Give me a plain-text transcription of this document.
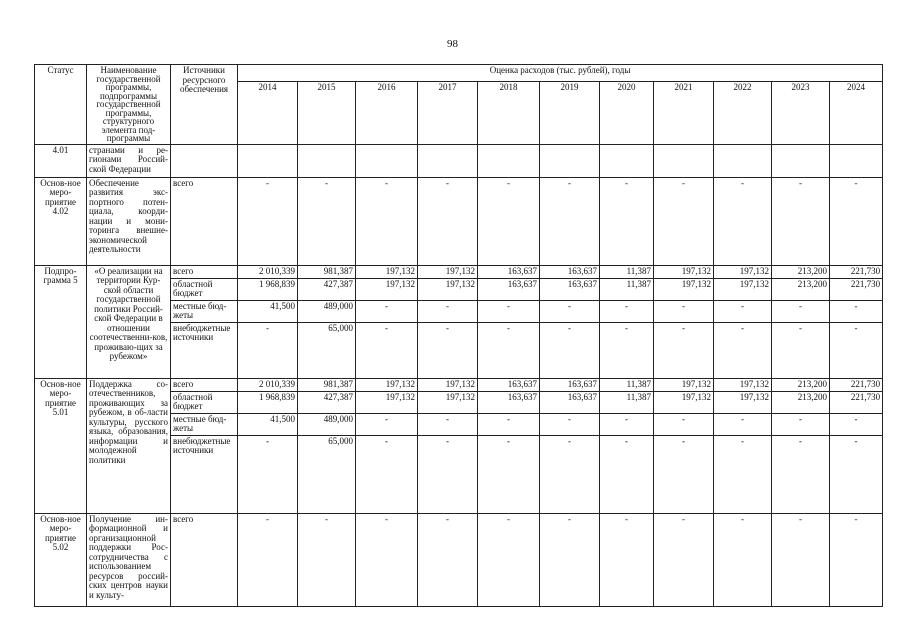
98
Статус	Наименование государственной программы, подпрограммы государственной программы, структурного элемента под-программы	Источники ресурсного обеспечения	Оценка расходов (тыс. рублей), годы										
			2014	2015	2016	2017	2018	2019	2020	2021	2022	2023	2024
4.01	странами и ре-гионами Россий-ской Федерации												
Основ-ное меро-приятие 4.02	Обеспечение развития экс-портного потен-циала, коорди-нации и мони-торинга внешне-экономической деятельности	всего	-	-	-	-	-	-	-	-	-	-	-
Подпро-грамма 5	«О реализации на территории Кур-ской области государственной политики Россий-ской Федерации в отношении соотечественни-ков, проживаю-щих за рубежом»	всего	2 010,339	981,387	197,132	197,132	163,637	163,637	11,387	197,132	197,132	213,200	221,730
		областной бюджет	1 968,839	427,387	197,132	197,132	163,637	163,637	11,387	197,132	197,132	213,200	221,730
		местные бюд-жеты	41,500	489,000	-	-	-	-	-	-	-	-	-
		внебюджетные источники	-	65,000	-	-	-	-	-	-	-	-	-
Основ-ное меро-приятие 5.01	Поддержка со-отечественников, проживающих за рубежом, в об-ласти культуры, русского языка, образования, информации и молодежной политики	всего	2 010,339	981,387	197,132	197,132	163,637	163,637	11,387	197,132	197,132	213,200	221,730
		областной бюджет	1 968,839	427,387	197,132	197,132	163,637	163,637	11,387	197,132	197,132	213,200	221,730
		местные бюд-жеты	41,500	489,000	-	-	-	-	-	-	-	-	-
		внебюджетные источники	-	65,000	-	-	-	-	-	-	-	-	-
Основ-ное меро-приятие 5.02	Получение ин-формационной и организационной поддержки Рос-сотрудничества с использованием ресурсов россий-ских центров науки и культу-	всего	-	-	-	-	-	-	-	-	-	-	-
